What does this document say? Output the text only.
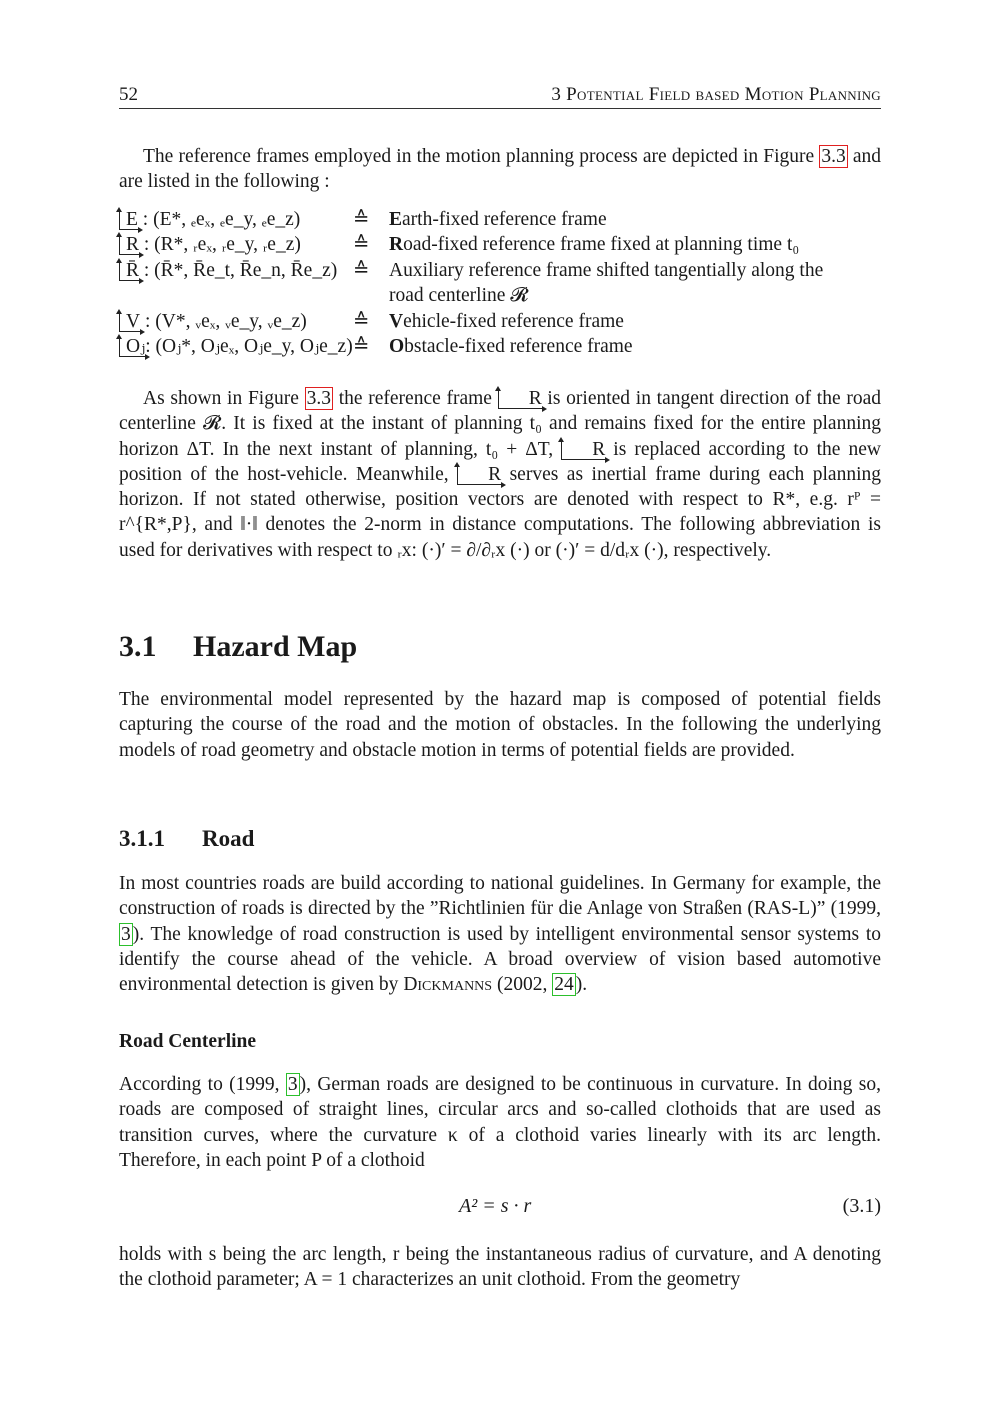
52	3 Potential Field based Motion Planning

The reference frames employed in the motion planning process are depicted in Figure 3.3 and are listed in the following :

E : (E*, ₑeₓ, ₑe_y, ₑe_z)	≙	Earth-fixed reference frame
R : (R*, ᵣeₓ, ᵣe_y, ᵣe_z)	≙	Road-fixed reference frame fixed at planning time t₀
R̄ : (R̄*, R̄e_t, R̄e_n, R̄e_z) ≙	Auxiliary reference frame shifted tangentially along the
road centerline 𝓡
V : (V*, ᵥeₓ, ᵥe_y, ᵥe_z)	≙	Vehicle-fixed reference frame
Oⱼ: (Oⱼ*, Oⱼeₓ, Oⱼe_y, Oⱼe_z) ≙	Obstacle-fixed reference frame

As shown in Figure 3.3 the reference frame R is oriented in tangent direction of the road centerline 𝓡. It is fixed at the instant of planning t₀ and remains fixed for the entire planning horizon ΔT. In the next instant of planning, t₀ + ΔT, R is replaced according to the new position of the host-vehicle. Meanwhile, R serves as inertial frame during each planning horizon. If not stated otherwise, position vectors are denoted with respect to R*, e.g. rᴾ = r^{R*,P}, and ‖·‖ denotes the 2-norm in distance computations. The following abbreviation is used for derivatives with respect to ᵣx: (·)′ = ∂/∂ᵣx (·) or (·)′ = d/dᵣx (·), respectively.

3.1 Hazard Map

The environmental model represented by the hazard map is composed of potential fields capturing the course of the road and the motion of obstacles. In the following the underlying models of road geometry and obstacle motion in terms of potential fields are provided.

3.1.1 Road

In most countries roads are build according to national guidelines. In Germany for example, the construction of roads is directed by the ”Richtlinien für die Anlage von Straßen (RAS-L)” (1999, 3 ). The knowledge of road construction is used by intelligent environmental sensor systems to identify the course ahead of the vehicle. A broad overview of vision based automotive environmental detection is given by Dickmanns (2002, 24 ).

Road Centerline

According to (1999, 3 ), German roads are designed to be continuous in curvature. In doing so, roads are composed of straight lines, circular arcs and so-called clothoids that are used as transition curves, where the curvature κ of a clothoid varies linearly with its arc length. Therefore, in each point P of a clothoid

A² = s · r	(3.1)

holds with s being the arc length, r being the instantaneous radius of curvature, and A denoting the clothoid parameter; A = 1 characterizes an unit clothoid. From the geometry
